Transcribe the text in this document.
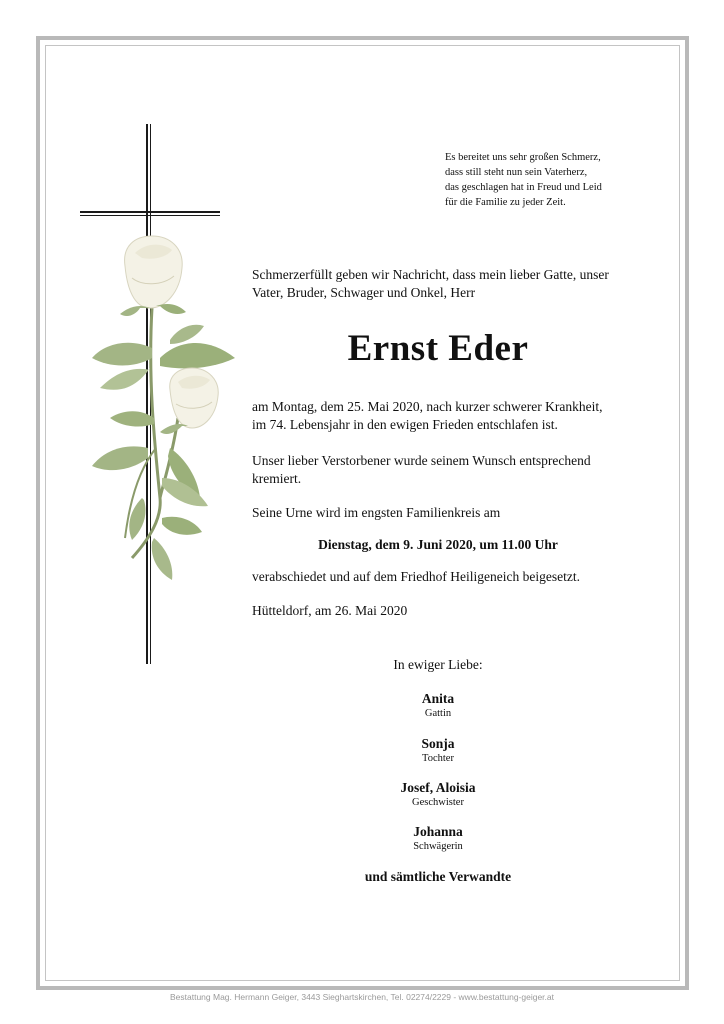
Es bereitet uns sehr großen Schmerz,
dass still steht nun sein Vaterherz,
das geschlagen hat in Freud und Leid
für die Familie zu jeder Zeit.
Schmerzerfüllt geben wir Nachricht, dass mein lieber Gatte, unser
Vater, Bruder, Schwager und Onkel, Herr
Ernst Eder
am Montag, dem 25. Mai 2020, nach kurzer schwerer Krankheit,
im 74. Lebensjahr in den ewigen Frieden entschlafen ist.
Unser lieber Verstorbener wurde seinem Wunsch entsprechend
kremiert.
Seine Urne wird im engsten Familienkreis am
Dienstag, dem 9. Juni 2020, um 11.00 Uhr
verabschiedet und auf dem Friedhof Heiligeneich beigesetzt.
Hütteldorf, am 26. Mai 2020
In ewiger Liebe:
Anita
Gattin
Sonja
Tochter
Josef, Aloisia
Geschwister
Johanna
Schwägerin
und sämtliche Verwandte
Bestattung Mag. Hermann Geiger, 3443 Sieghartskirchen, Tel. 02274/2229 - www.bestattung-geiger.at
